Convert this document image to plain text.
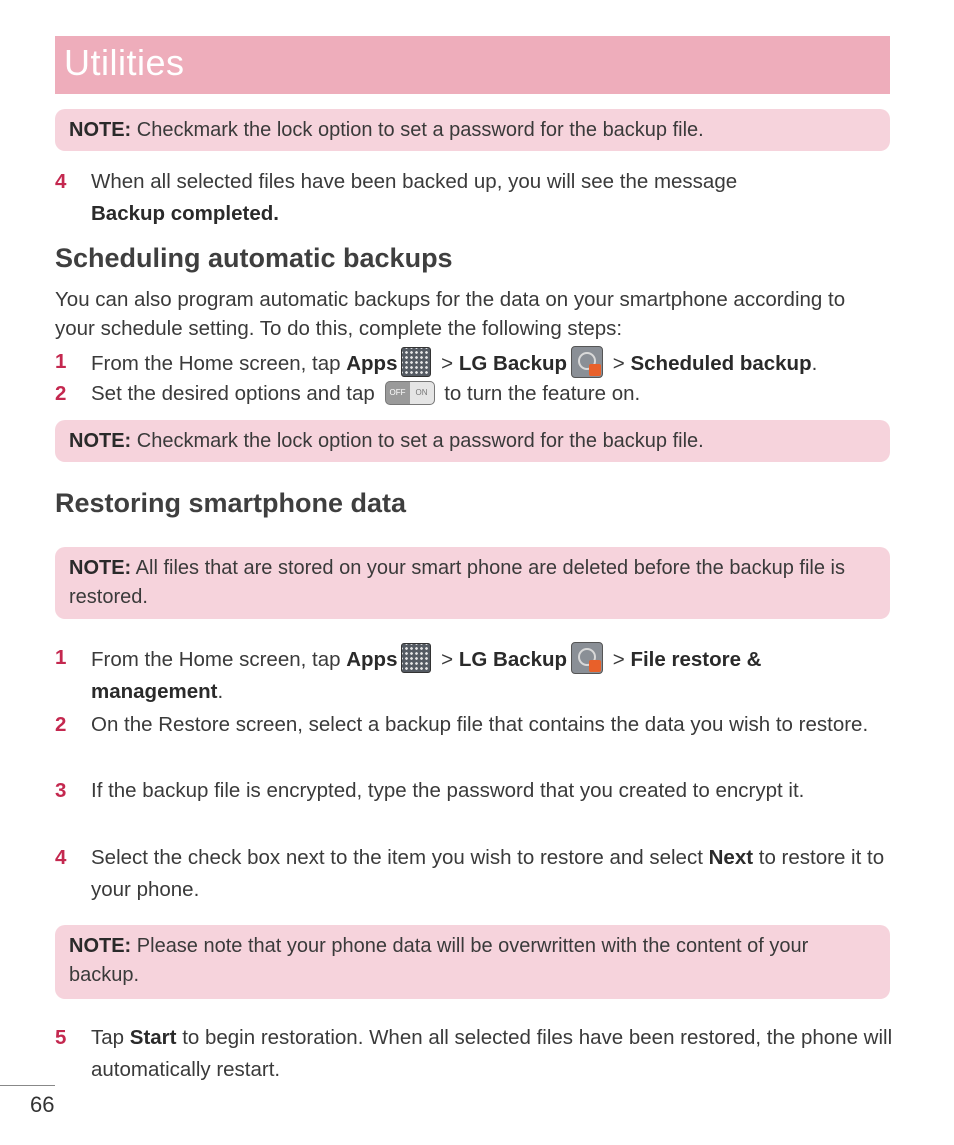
Utilities
NOTE: Checkmark the lock option to set a password for the backup file.
4 When all selected files have been backed up, you will see the message
Backup completed.
Scheduling automatic backups
You can also program automatic backups for the data on your smartphone according to your schedule setting. To do this, complete the following steps:
1 From the Home screen, tap Apps > LG Backup > Scheduled backup.
2 Set the desired options and tap OFF ON to turn the feature on.
NOTE: Checkmark the lock option to set a password for the backup file.
Restoring smartphone data
NOTE: All files that are stored on your smart phone are deleted before the backup file is restored.
1 From the Home screen, tap Apps > LG Backup > File restore & management.
2 On the Restore screen, select a backup file that contains the data you wish to restore.
3 If the backup file is encrypted, type the password that you created to encrypt it.
4 Select the check box next to the item you wish to restore and select Next to restore it to your phone.
NOTE: Please note that your phone data will be overwritten with the content of your backup.
5 Tap Start to begin restoration. When all selected files have been restored, the phone will automatically restart.
66
